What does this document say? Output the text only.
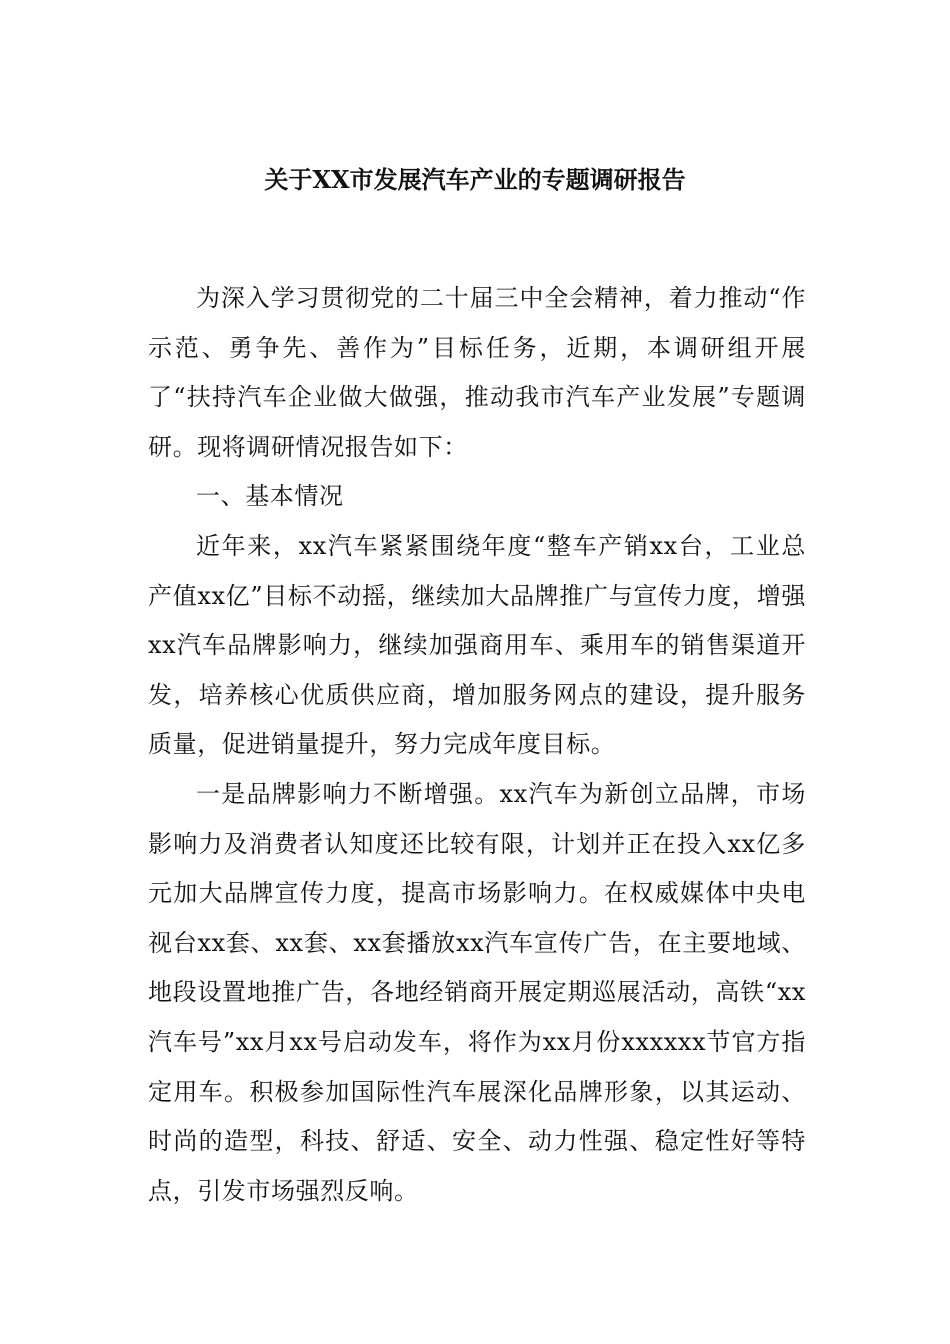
关于XX市发展汽车产业的专题调研报告

为深入学习贯彻党的二十届三中全会精神，着力推动“作示范、勇争先、善作为”目标任务，近期，本调研组开展了“扶持汽车企业做大做强，推动我市汽车产业发展”专题调研。现将调研情况报告如下：

一、基本情况

近年来，xx汽车紧紧围绕年度“整车产销xx台，工业总产值xx亿”目标不动摇，继续加大品牌推广与宣传力度，增强xx汽车品牌影响力，继续加强商用车、乘用车的销售渠道开发，培养核心优质供应商，增加服务网点的建设，提升服务质量，促进销量提升，努力完成年度目标。

一是品牌影响力不断增强。xx汽车为新创立品牌，市场影响力及消费者认知度还比较有限，计划并正在投入xx亿多元加大品牌宣传力度，提高市场影响力。在权威媒体中央电视台xx套、xx套、xx套播放xx汽车宣传广告，在主要地域、地段设置地推广告，各地经销商开展定期巡展活动，高铁“xx汽车号”xx月xx号启动发车，将作为xx月份xxxxxx节官方指定用车。积极参加国际性汽车展深化品牌形象，以其运动、时尚的造型，科技、舒适、安全、动力性强、稳定性好等特点，引发市场强烈反响。
